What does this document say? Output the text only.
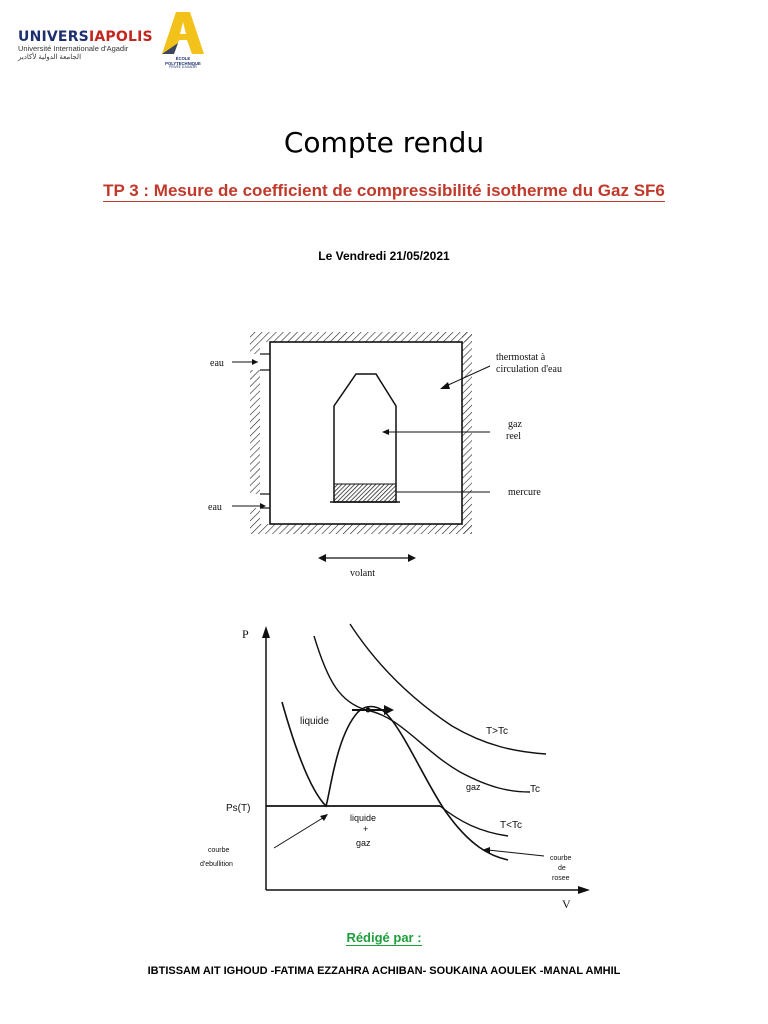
UNIVERSIAPOLIS
Université Internationale d'Agadir
الجامعة الدولية لأكادير	ÉCOLE POLYTECHNIQUE
PRIVÉE D'AGADIR
Compte rendu
TP 3 : Mesure de coefficient de compressibilité isotherme du Gaz SF6
Le Vendredi 21/05/2021
eau
eau
thermostat à
circulation d'eau
gaz
reel
mercure
volant
P
V
liquide
T>Tc
Tc
gaz
T<Tc
Ps(T)
liquide
+
gaz
courbe
d'ebullition
courbe
de
rosee
Rédigé par :
IBTISSAM AIT IGHOUD -FATIMA EZZAHRA ACHIBAN- SOUKAINA AOULEK -MANAL AMHIL
